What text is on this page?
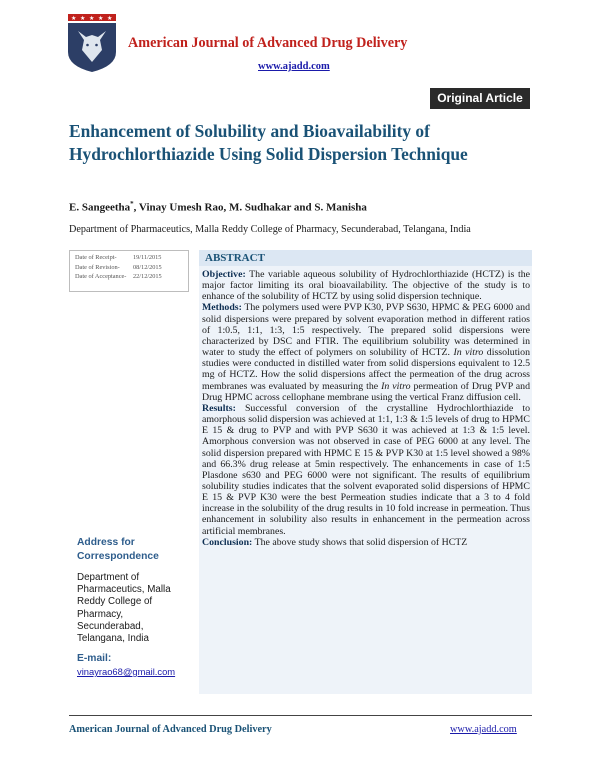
★ ★ ★ ★ ★
American Journal of Advanced Drug Delivery
www.ajadd.com
Original Article
Enhancement of Solubility and Bioavailability of Hydrochlorthiazide Using Solid Dispersion Technique
E. Sangeetha*, Vinay Umesh Rao, M. Sudhakar and S. Manisha
Department of Pharmaceutics, Malla Reddy College of Pharmacy, Secunderabad, Telangana, India
Date of Receipt-	19/11/2015
Date of Revision-	08/12/2015
Date of Acceptance-	22/12/2015
Address for Correspondence
Department of Pharmaceutics, Malla Reddy College of Pharmacy, Secunderabad, Telangana, India
E-mail:
vinayrao68@gmail.com
ABSTRACT

Objective: The variable aqueous solubility of Hydrochlorthiazide (HCTZ) is the major factor limiting its oral bioavailability. The objective of the study is to enhance of the solubility of HCTZ by using solid dispersion technique.

Methods: The polymers used were PVP K30, PVP S630, HPMC & PEG 6000 and solid dispersions were prepared by solvent evaporation method in different ratios of 1:0.5, 1:1, 1:3, 1:5 respectively. The prepared solid dispersions were characterized by DSC and FTIR. The equilibrium solubility was determined in water to study the effect of polymers on solubility of HCTZ. In vitro dissolution studies were conducted in distilled water from solid dispersions equivalent to 12.5 mg of HCTZ. How the solid dispersions affect the permeation of the drug across membranes was evaluated by measuring the In vitro permeation of Drug PVP and Drug HPMC across cellophane membrane using the vertical Franz diffusion cell.

Results: Successful conversion of the crystalline Hydrochlorthiazide to amorphous solid dispersion was achieved at 1:1, 1:3 & 1:5 levels of drug to HPMC E 15 & drug to PVP and with PVP S630 it was achieved at 1:3 & 1:5 level. Amorphous conversion was not observed in case of PEG 6000 at any level. The solid dispersion prepared with HPMC E 15 & PVP K30 at 1:5 level showed a 98% and 66.3% drug release at 5min respectively. The enhancements in case of 1:5 Plasdone s630 and PEG 6000 were not significant. The results of equilibrium solubility studies indicates that the solvent evaporated solid dispersions of HPMC E 15 & PVP K30 were the best Permeation studies indicate that a 3 to 4 fold increase in the solubility of the drug results in 10 fold increase in permeation. Thus enhancement in solubility also results in enhancement in the permeation across artificial membranes.

Conclusion: The above study shows that solid dispersion of HCTZ

American Journal of Advanced Drug Delivery	www.ajadd.com
